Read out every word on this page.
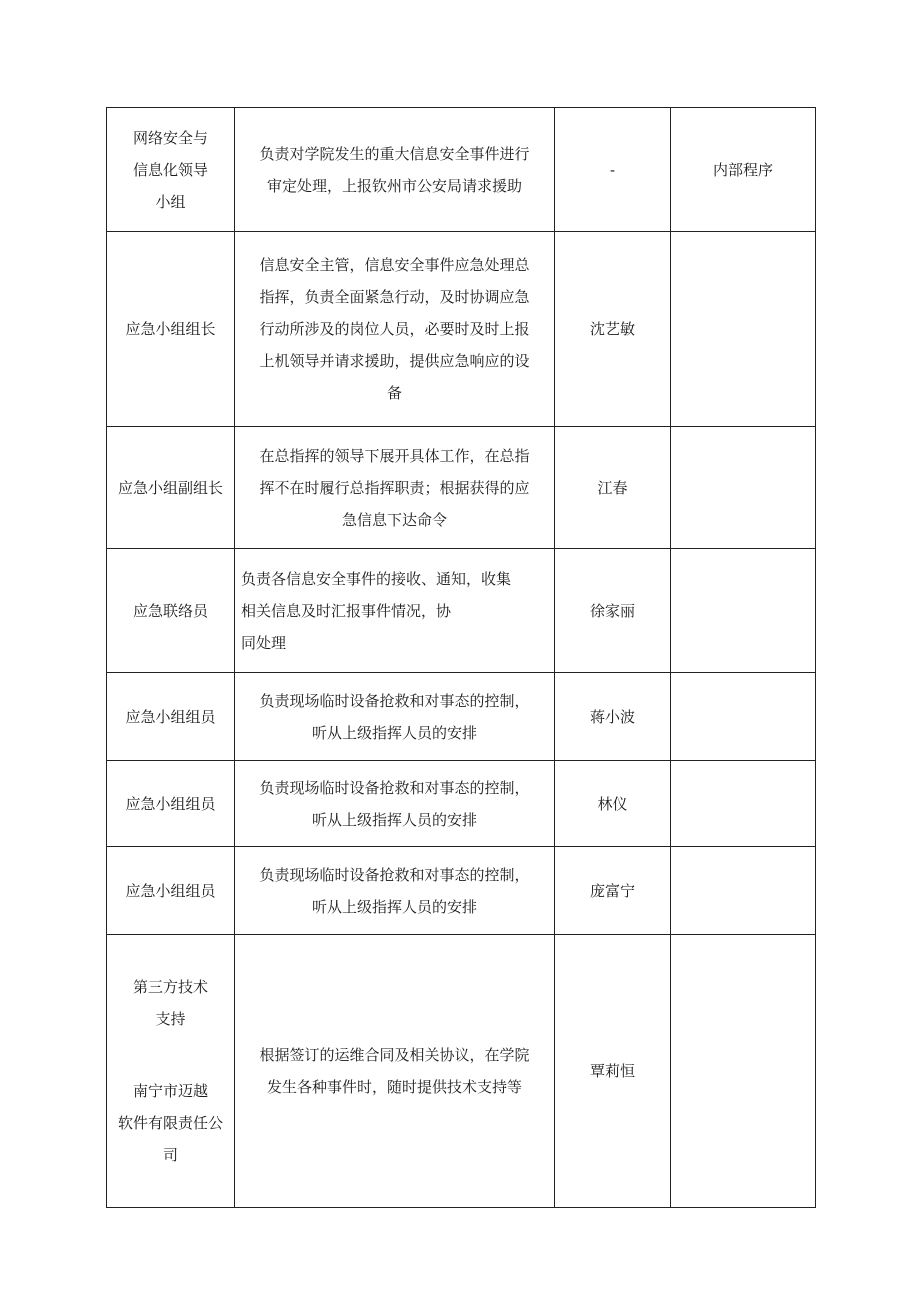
网络安全与
信息化领导
小组	负责对学院发生的重大信息安全事件进行
审定处理，上报钦州市公安局请求援助	-	内部程序
应急小组组长	信息安全主管，信息安全事件应急处理总
指挥，负责全面紧急行动，及时协调应急
行动所涉及的岗位人员，必要时及时上报
上机领导并请求援助，提供应急响应的设
备	沈艺敏	
应急小组副组长	在总指挥的领导下展开具体工作，在总指
挥不在时履行总指挥职责；根据获得的应
急信息下达命令	江春	
应急联络员	负责各信息安全事件的接收、通知，收集
相关信息及时汇报事件情况，协
同处理	徐家丽	
应急小组组员	负责现场临时设备抢救和对事态的控制，
听从上级指挥人员的安排	蒋小波	
应急小组组员	负责现场临时设备抢救和对事态的控制，
听从上级指挥人员的安排	林仪	
应急小组组员	负责现场临时设备抢救和对事态的控制，
听从上级指挥人员的安排	庞富宁	

第三方技术
支持

南宁市迈越
软件有限责任公
司	根据签订的运维合同及相关协议，在学院
发生各种事件时，随时提供技术支持等	覃莉恒	
